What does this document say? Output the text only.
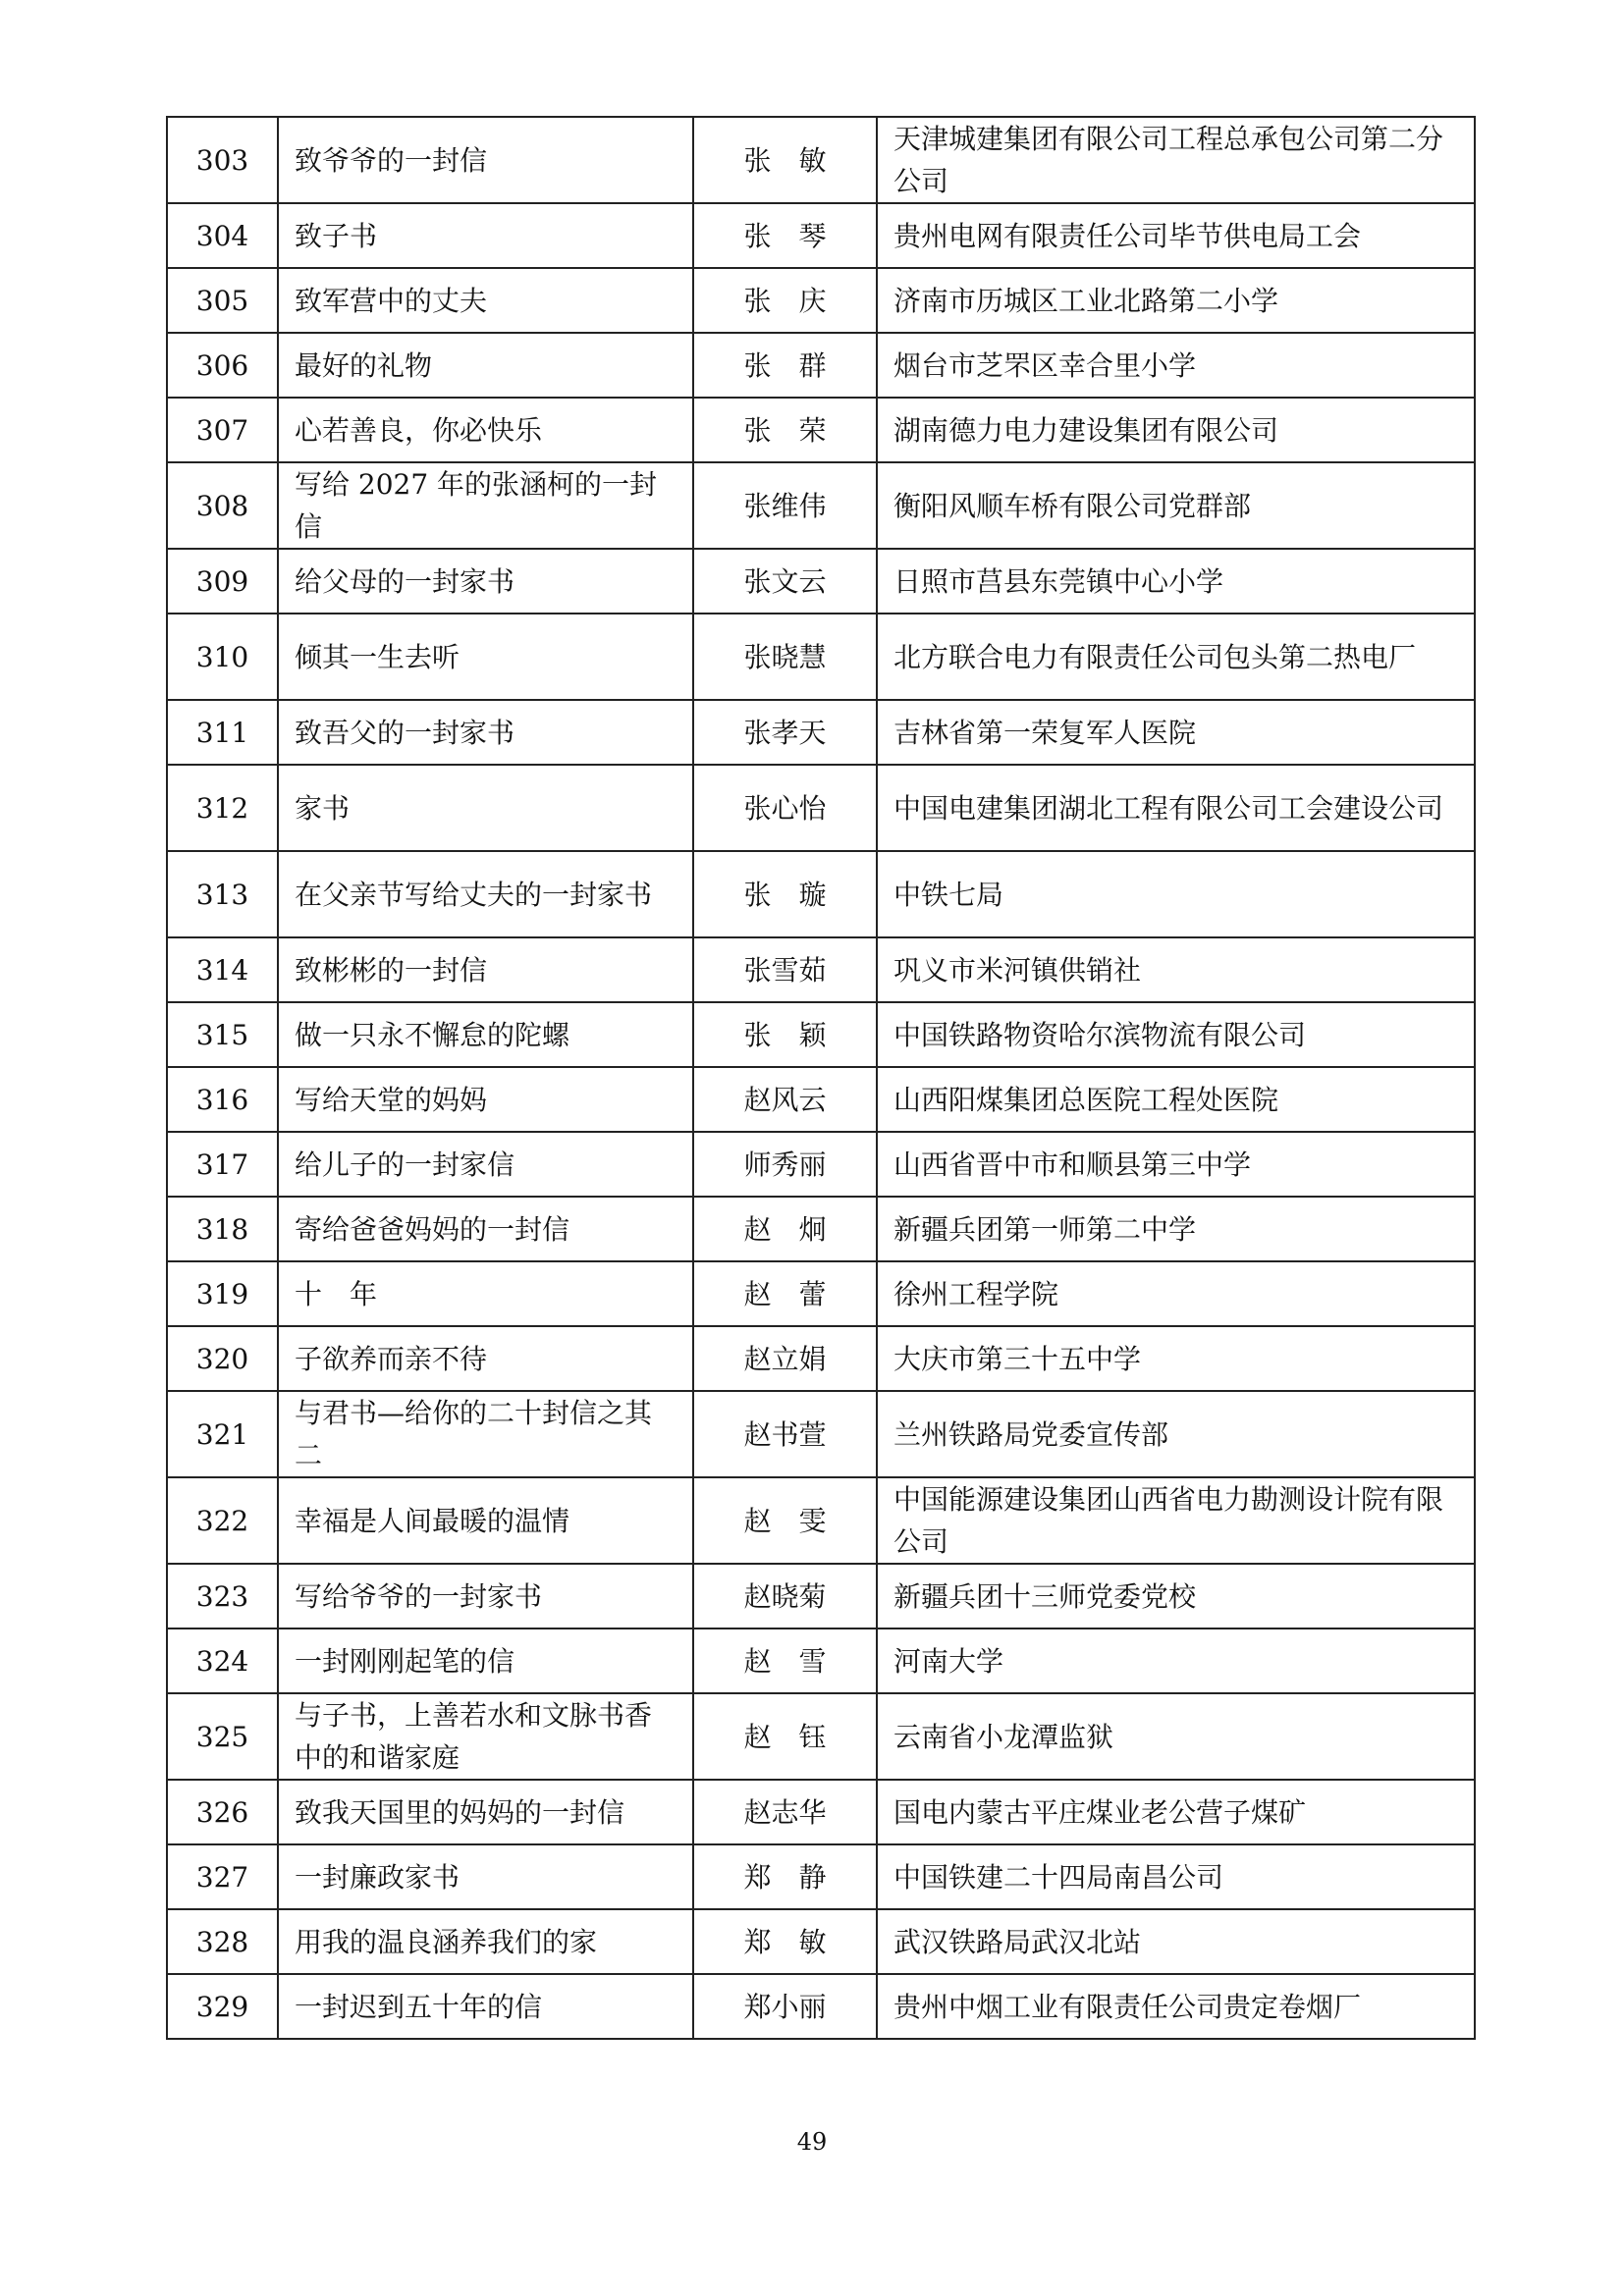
303	致爷爷的一封信	张　敏	天津城建集团有限公司工程总承包公司第二分公司
304	致子书	张　琴	贵州电网有限责任公司毕节供电局工会
305	致军营中的丈夫	张　庆	济南市历城区工业北路第二小学
306	最好的礼物	张　群	烟台市芝罘区幸合里小学
307	心若善良，你必快乐	张　荣	湖南德力电力建设集团有限公司
308	写给 2027 年的张涵柯的一封信	张维伟	衡阳风顺车桥有限公司党群部
309	给父母的一封家书	张文云	日照市莒县东莞镇中心小学
310	倾其一生去听	张晓慧	北方联合电力有限责任公司包头第二热电厂
311	致吾父的一封家书	张孝天	吉林省第一荣复军人医院
312	家书	张心怡	中国电建集团湖北工程有限公司工会建设公司
313	在父亲节写给丈夫的一封家书	张　璇	中铁七局
314	致彬彬的一封信	张雪茹	巩义市米河镇供销社
315	做一只永不懈怠的陀螺	张　颖	中国铁路物资哈尔滨物流有限公司
316	写给天堂的妈妈	赵风云	山西阳煤集团总医院工程处医院
317	给儿子的一封家信	师秀丽	山西省晋中市和顺县第三中学
318	寄给爸爸妈妈的一封信	赵　炯	新疆兵团第一师第二中学
319	十　年	赵　蕾	徐州工程学院
320	子欲养而亲不待	赵立娟	大庆市第三十五中学
321	与君书—给你的二十封信之其二	赵书萱	兰州铁路局党委宣传部
322	幸福是人间最暖的温情	赵　雯	中国能源建设集团山西省电力勘测设计院有限公司
323	写给爷爷的一封家书	赵晓菊	新疆兵团十三师党委党校
324	一封刚刚起笔的信	赵　雪	河南大学
325	与子书，上善若水和文脉书香中的和谐家庭	赵　钰	云南省小龙潭监狱
326	致我天国里的妈妈的一封信	赵志华	国电内蒙古平庄煤业老公营子煤矿
327	一封廉政家书	郑　静	中国铁建二十四局南昌公司
328	用我的温良涵养我们的家	郑　敏	武汉铁路局武汉北站
329	一封迟到五十年的信	郑小丽	贵州中烟工业有限责任公司贵定卷烟厂
49
